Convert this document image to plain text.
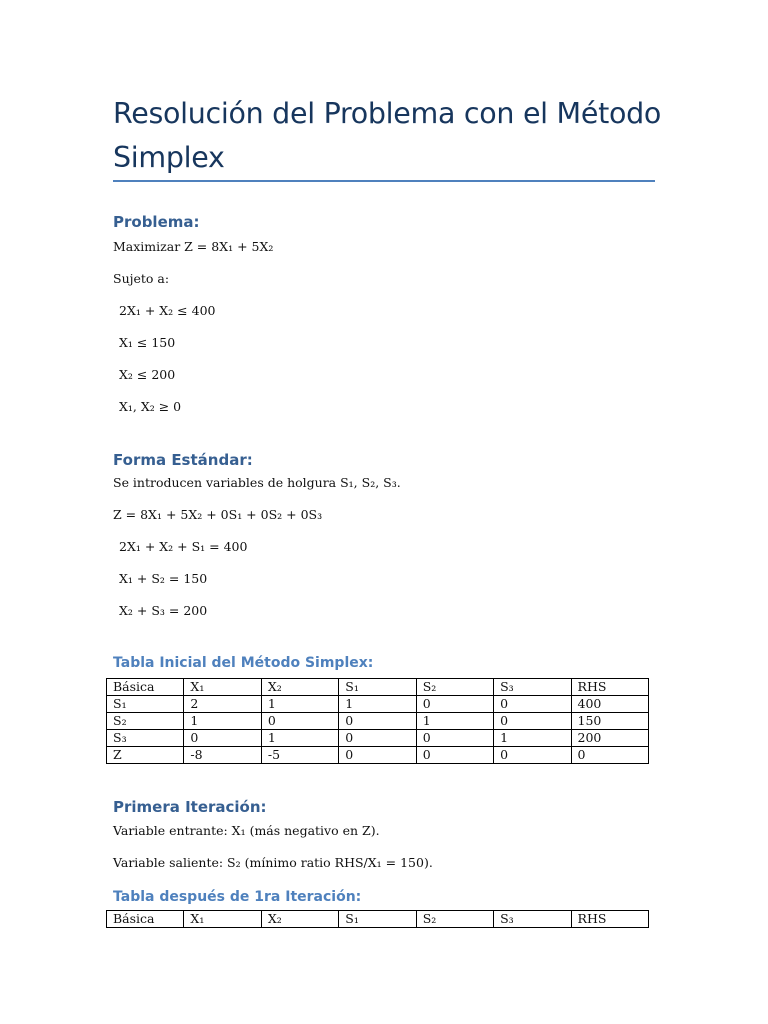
Resolución del Problema con el Método Simplex
Problema:

Maximizar Z = 8X₁ + 5X₂

Sujeto a:

2X₁ + X₂ ≤ 400

X₁ ≤ 150

X₂ ≤ 200

X₁, X₂ ≥ 0

Forma Estándar:

Se introducen variables de holgura S₁, S₂, S₃.

Z = 8X₁ + 5X₂ + 0S₁ + 0S₂ + 0S₃

2X₁ + X₂ + S₁ = 400

X₁ + S₂ = 150

X₂ + S₃ = 200

Tabla Inicial del Método Simplex:
Básica	X₁	X₂	S₁	S₂	S₃	RHS
S₁	2	1	1	0	0	400
S₂	1	0	0	1	0	150
S₃	0	1	0	0	1	200
Z	-8	-5	0	0	0	0
Primera Iteración:

Variable entrante: X₁ (más negativo en Z).

Variable saliente: S₂ (mínimo ratio RHS/X₁ = 150).

Tabla después de 1ra Iteración:
Básica	X₁	X₂	S₁	S₂	S₃	RHS
